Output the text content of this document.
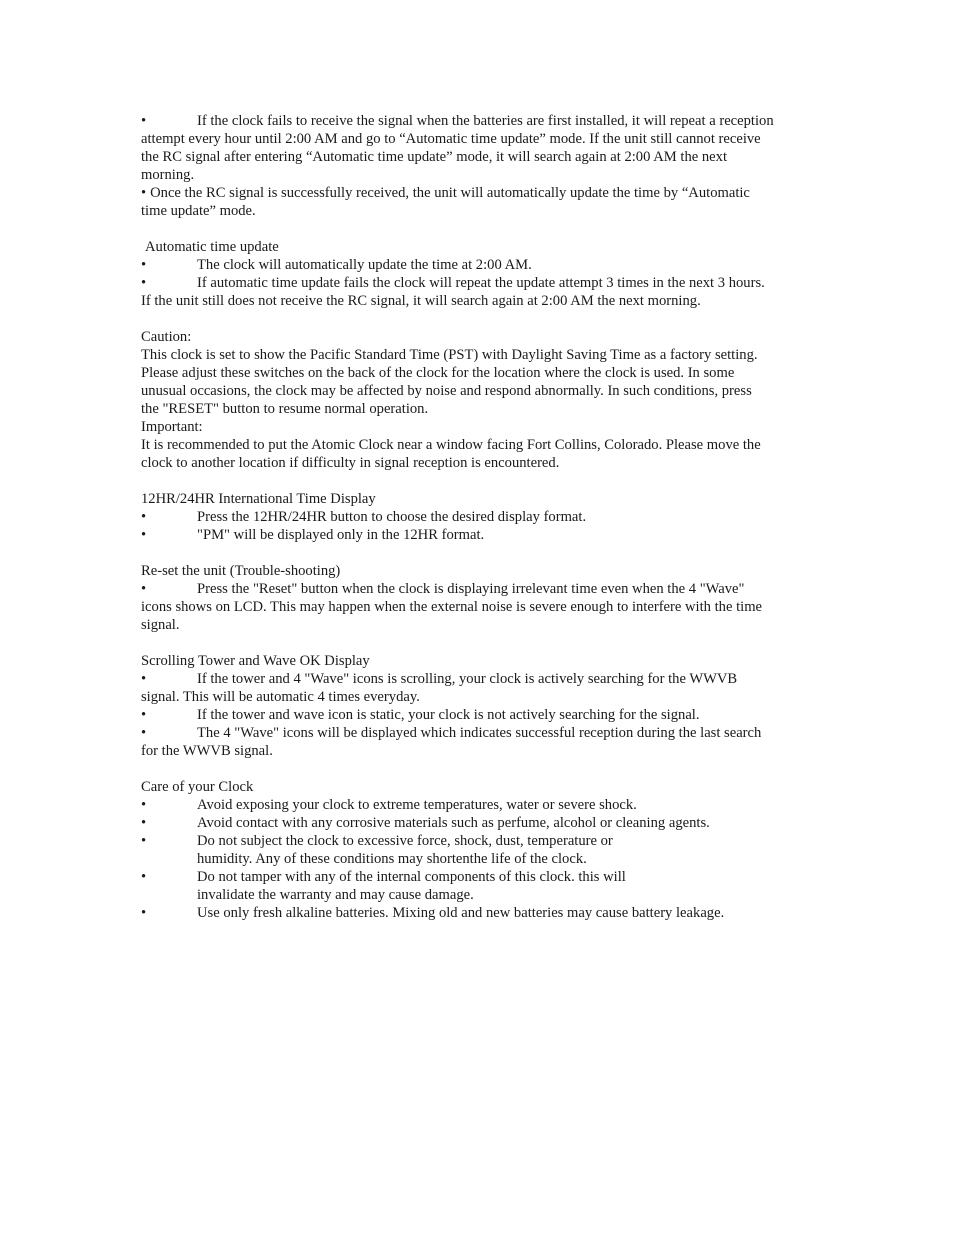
•	If the clock fails to receive the signal when the batteries are first installed, it will repeat a reception
attempt every hour until 2:00 AM and go to “Automatic time update” mode. If the unit still cannot receive
the RC signal after entering “Automatic time update” mode, it will search again at 2:00 AM the next
morning.
• Once the RC signal is successfully received, the unit will automatically update the time by “Automatic
time update” mode.
Automatic time update
•	The clock will automatically update the time at 2:00 AM.
•	If automatic time update fails the clock will repeat the update attempt 3 times in the next 3 hours.
If the unit still does not receive the RC signal, it will search again at 2:00 AM the next morning.
Caution:
This clock is set to show the Pacific Standard Time (PST) with Daylight Saving Time as a factory setting.
Please adjust these switches on the back of the clock for the location where the clock is used. In some
unusual occasions, the clock may be affected by noise and respond abnormally. In such conditions, press
the "RESET" button to resume normal operation.
Important:
It is recommended to put the Atomic Clock near a window facing Fort Collins, Colorado. Please move the
clock to another location if difficulty in signal reception is encountered.
12HR/24HR International Time Display
•	Press the 12HR/24HR button to choose the desired display format.
•	"PM" will be displayed only in the 12HR format.
Re-set the unit (Trouble-shooting)
•	Press the "Reset" button when the clock is displaying irrelevant time even when the 4 "Wave"
icons shows on LCD. This may happen when the external noise is severe enough to interfere with the time
signal.
Scrolling Tower and Wave OK Display
•	If the tower and 4 "Wave" icons is scrolling, your clock is actively searching for the WWVB
signal. This will be automatic 4 times everyday.
•	If the tower and wave icon is static, your clock is not actively searching for the signal.
•	The 4 "Wave" icons will be displayed which indicates successful reception during the last search
for the WWVB signal.
Care of your Clock
•	Avoid exposing your clock to extreme temperatures, water or severe shock.
•	Avoid contact with any corrosive materials such as perfume, alcohol or cleaning agents.
•	Do not subject the clock to excessive force, shock, dust, temperature or
humidity. Any of these conditions may shortenthe life of the clock.
•	Do not tamper with any of the internal components of this clock. this will
invalidate the warranty and may cause damage.
•	Use only fresh alkaline batteries. Mixing old and new batteries may cause battery leakage.
